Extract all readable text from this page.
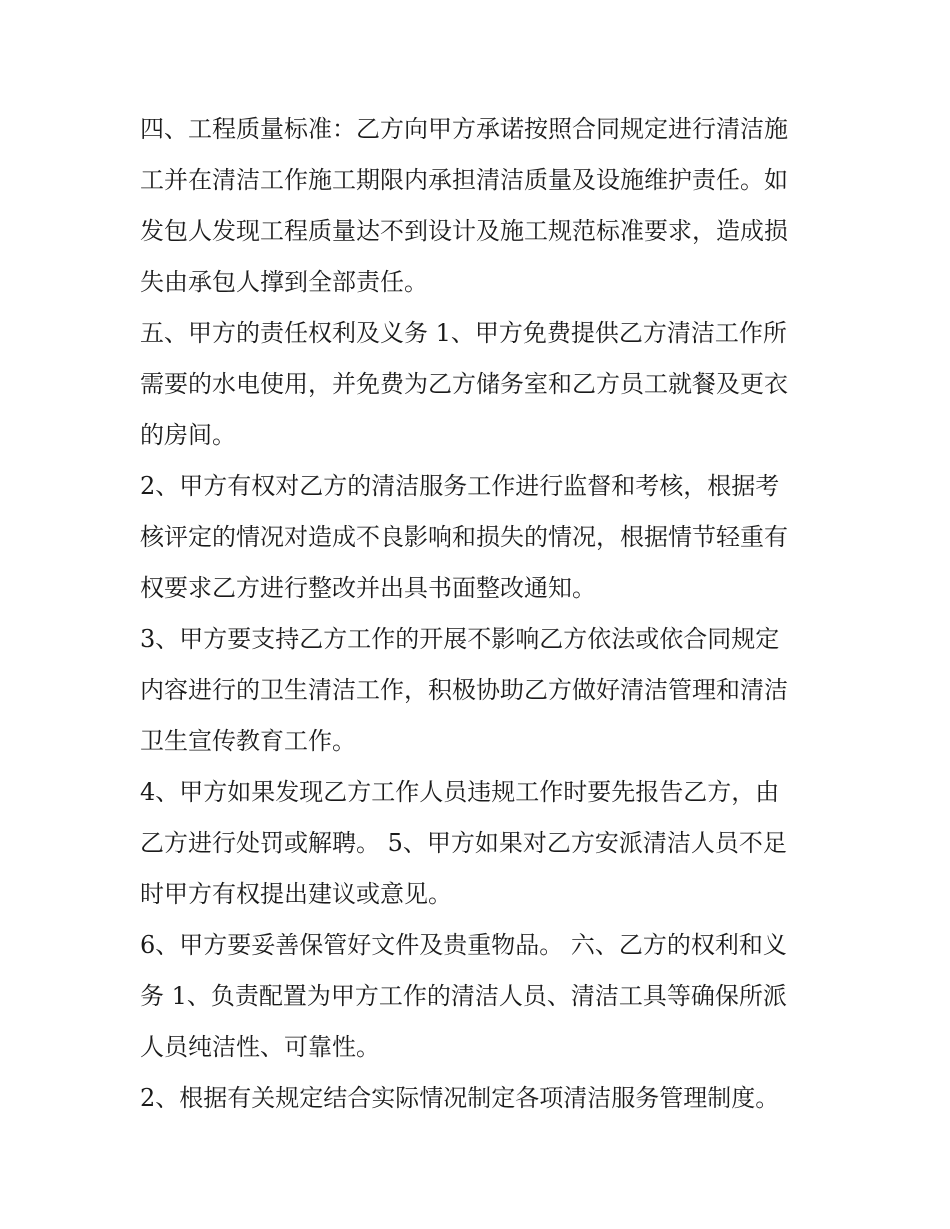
四、工程质量标准：乙方向甲方承诺按照合同规定进行清洁施
工并在清洁工作施工期限内承担清洁质量及设施维护责任。如
发包人发现工程质量达不到设计及施工规范标准要求，造成损
失由承包人撑到全部责任。
五、甲方的责任权利及义务 1、甲方免费提供乙方清洁工作所
需要的水电使用，并免费为乙方储务室和乙方员工就餐及更衣
的房间。
2、甲方有权对乙方的清洁服务工作进行监督和考核，根据考
核评定的情况对造成不良影响和损失的情况，根据情节轻重有
权要求乙方进行整改并出具书面整改通知。
3、甲方要支持乙方工作的开展不影响乙方依法或依合同规定
内容进行的卫生清洁工作，积极协助乙方做好清洁管理和清洁
卫生宣传教育工作。
4、甲方如果发现乙方工作人员违规工作时要先报告乙方，由
乙方进行处罚或解聘。 5、甲方如果对乙方安派清洁人员不足
时甲方有权提出建议或意见。
6、甲方要妥善保管好文件及贵重物品。 六、乙方的权利和义
务 1、负责配置为甲方工作的清洁人员、清洁工具等确保所派
人员纯洁性、可靠性。
2、根据有关规定结合实际情况制定各项清洁服务管理制度。
